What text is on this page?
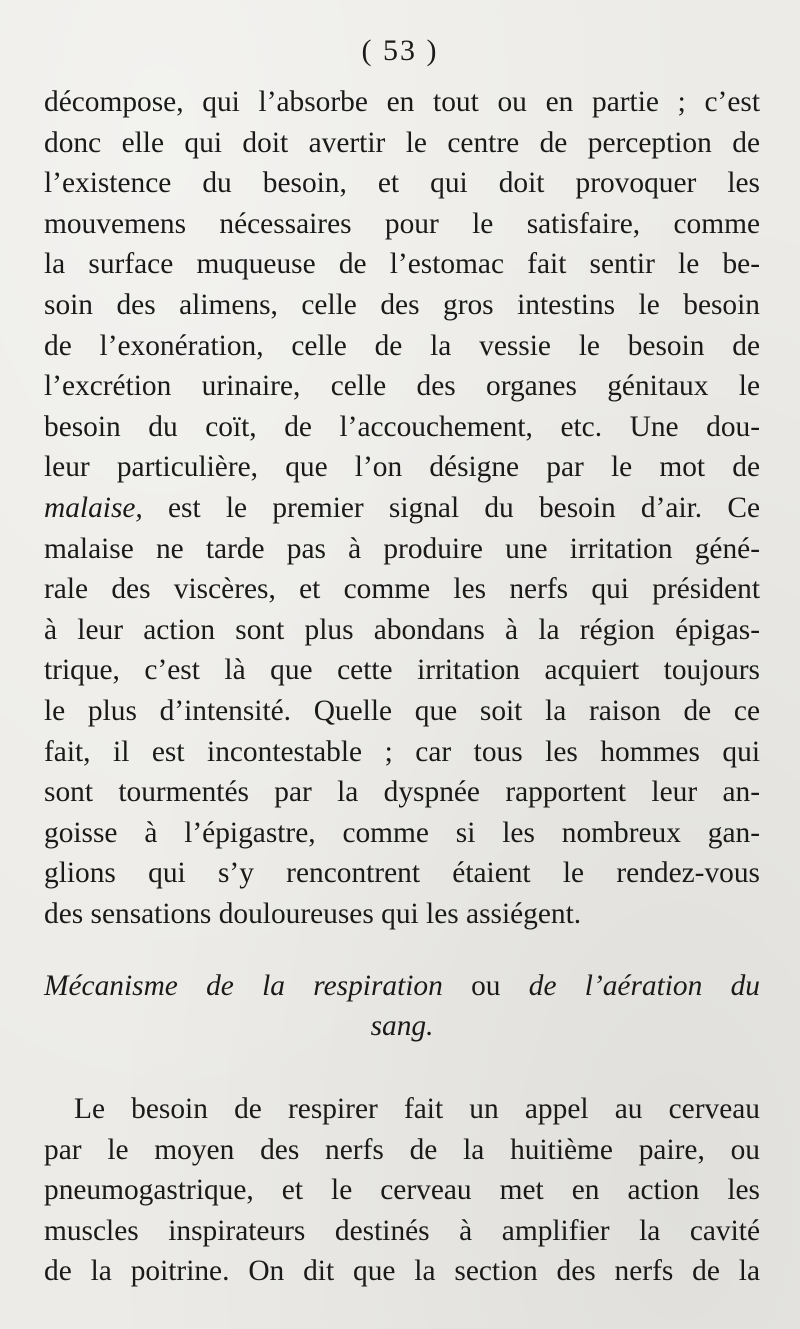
( 53 )

décompose, qui l’absorbe en tout ou en partie ; c’est
donc elle qui doit avertir le centre de perception de
l’existence du besoin, et qui doit provoquer les
mouvemens nécessaires pour le satisfaire, comme
la surface muqueuse de l’estomac fait sentir le be-
soin des alimens, celle des gros intestins le besoin
de l’exonération, celle de la vessie le besoin de
l’excrétion urinaire, celle des organes génitaux le
besoin du coït, de l’accouchement, etc. Une dou-
leur particulière, que l’on désigne par le mot de
malaise, est le premier signal du besoin d’air. Ce
malaise ne tarde pas à produire une irritation géné-
rale des viscères, et comme les nerfs qui président
à leur action sont plus abondans à la région épigas-
trique, c’est là que cette irritation acquiert toujours
le plus d’intensité. Quelle que soit la raison de ce
fait, il est incontestable ; car tous les hommes qui
sont tourmentés par la dyspnée rapportent leur an-
goisse à l’épigastre, comme si les nombreux gan-
glions qui s’y rencontrent étaient le rendez-vous
des sensations douloureuses qui les assiégent.

Mécanisme de la respiration ou de l’aération du
sang.

Le besoin de respirer fait un appel au cerveau
par le moyen des nerfs de la huitième paire, ou
pneumogastrique, et le cerveau met en action les
muscles inspirateurs destinés à amplifier la cavité
de la poitrine. On dit que la section des nerfs de la
